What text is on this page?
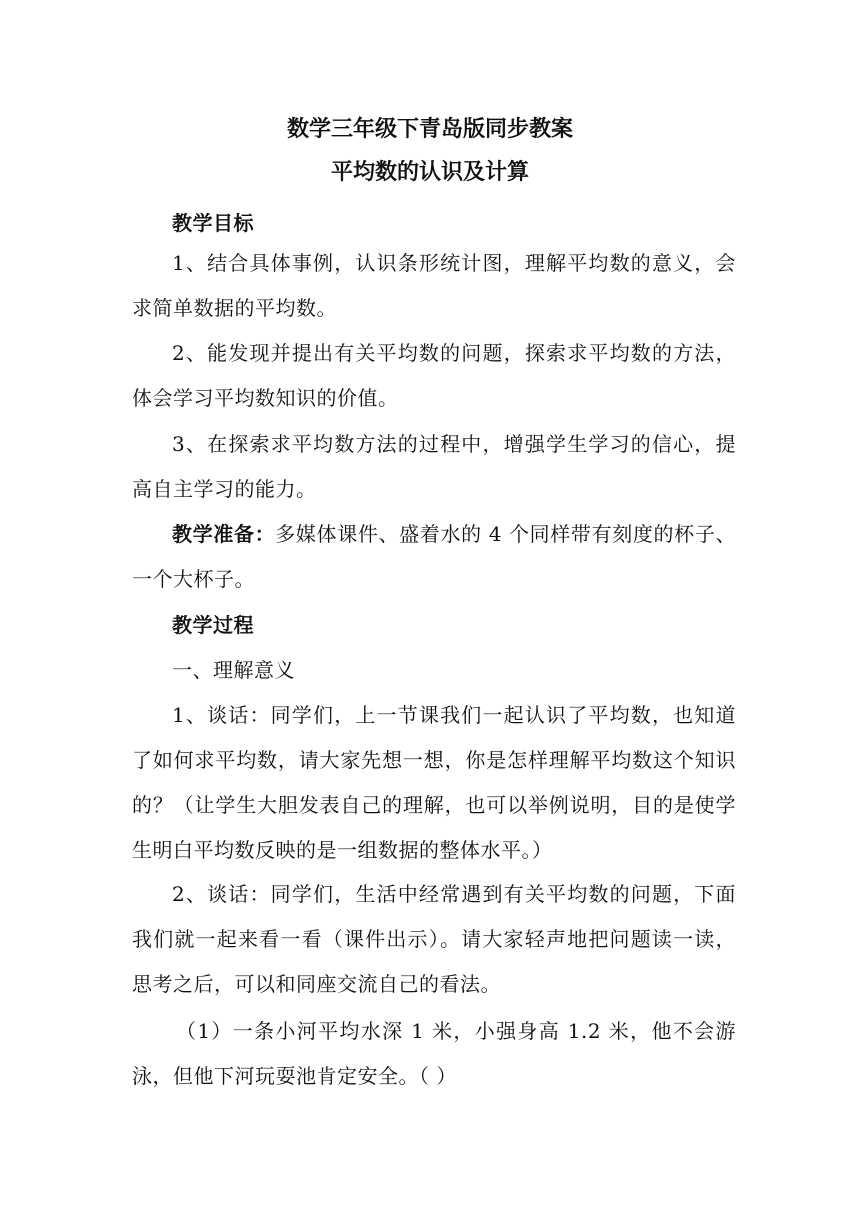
数学三年级下青岛版同步教案
平均数的认识及计算

教学目标

1、结合具体事例，认识条形统计图，理解平均数的意义，会求简单数据的平均数。

2、能发现并提出有关平均数的问题，探索求平均数的方法，体会学习平均数知识的价值。

3、在探索求平均数方法的过程中，增强学生学习的信心，提高自主学习的能力。

教学准备：多媒体课件、盛着水的 4 个同样带有刻度的杯子、一个大杯子。

教学过程

一、理解意义

1、谈话：同学们，上一节课我们一起认识了平均数，也知道了如何求平均数，请大家先想一想，你是怎样理解平均数这个知识的？（让学生大胆发表自己的理解，也可以举例说明，目的是使学生明白平均数反映的是一组数据的整体水平。）

2、谈话：同学们，生活中经常遇到有关平均数的问题，下面我们就一起来看一看（课件出示）。请大家轻声地把问题读一读，思考之后，可以和同座交流自己的看法。

（1）一条小河平均水深 1 米，小强身高 1.2 米，他不会游泳，但他下河玩耍池肯定安全。（ ）
